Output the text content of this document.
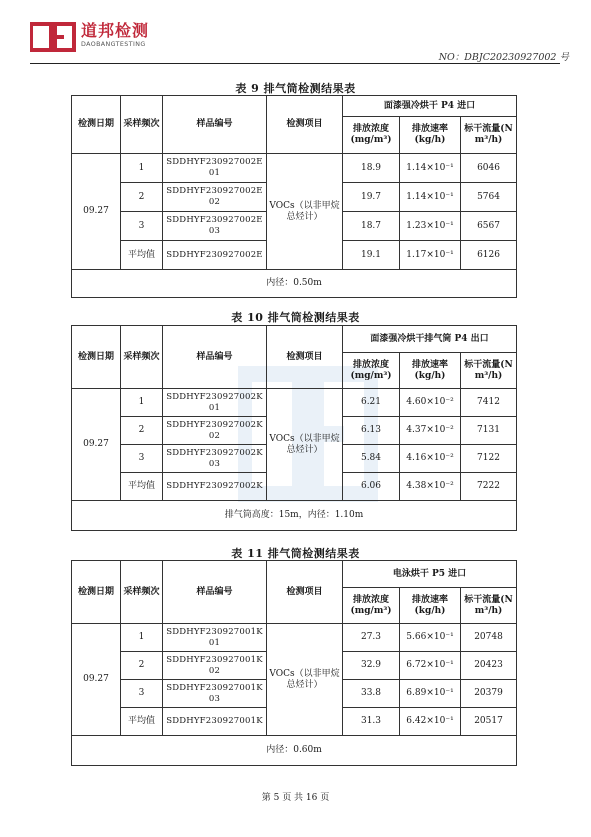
道邦检测
DAOBANGTESTING
NO：DBJC20230927002 号
表 9 排气筒检测结果表
检测日期	采样频次	样品编号	检测项目	面漆强冷烘干 P4 进口		
				排放浓度(mg/m³)	排放速率(kg/h)	标干流量(N m³/h)
09.27	1	SDDHYF230927002E01	VOCs（以非甲烷总烃计）	18.9	1.14×10⁻¹	6046
	2	SDDHYF230927002E02		19.7	1.14×10⁻¹	5764
	3	SDDHYF230927002E03		18.7	1.23×10⁻¹	6567
	平均值	SDDHYF230927002E		19.1	1.17×10⁻¹	6126
内径：0.50m						
表 10 排气筒检测结果表
检测日期	采样频次	样品编号	检测项目	面漆强冷烘干排气筒 P4 出口		
				排放浓度(mg/m³)	排放速率(kg/h)	标干流量(N m³/h)
09.27	1	SDDHYF230927002K01	VOCs（以非甲烷总烃计）	6.21	4.60×10⁻²	7412
	2	SDDHYF230927002K02		6.13	4.37×10⁻²	7131
	3	SDDHYF230927002K03		5.84	4.16×10⁻²	7122
	平均值	SDDHYF230927002K		6.06	4.38×10⁻²	7222
排气筒高度：15m，内径：1.10m						
表 11 排气筒检测结果表
检测日期	采样频次	样品编号	检测项目	电泳烘干 P5 进口		
				排放浓度(mg/m³)	排放速率(kg/h)	标干流量(N m³/h)
09.27	1	SDDHYF230927001K01	VOCs（以非甲烷总烃计）	27.3	5.66×10⁻¹	20748
	2	SDDHYF230927001K02		32.9	6.72×10⁻¹	20423
	3	SDDHYF230927001K03		33.8	6.89×10⁻¹	20379
	平均值	SDDHYF230927001K		31.3	6.42×10⁻¹	20517
内径：0.60m						
第 5 页 共 16 页
